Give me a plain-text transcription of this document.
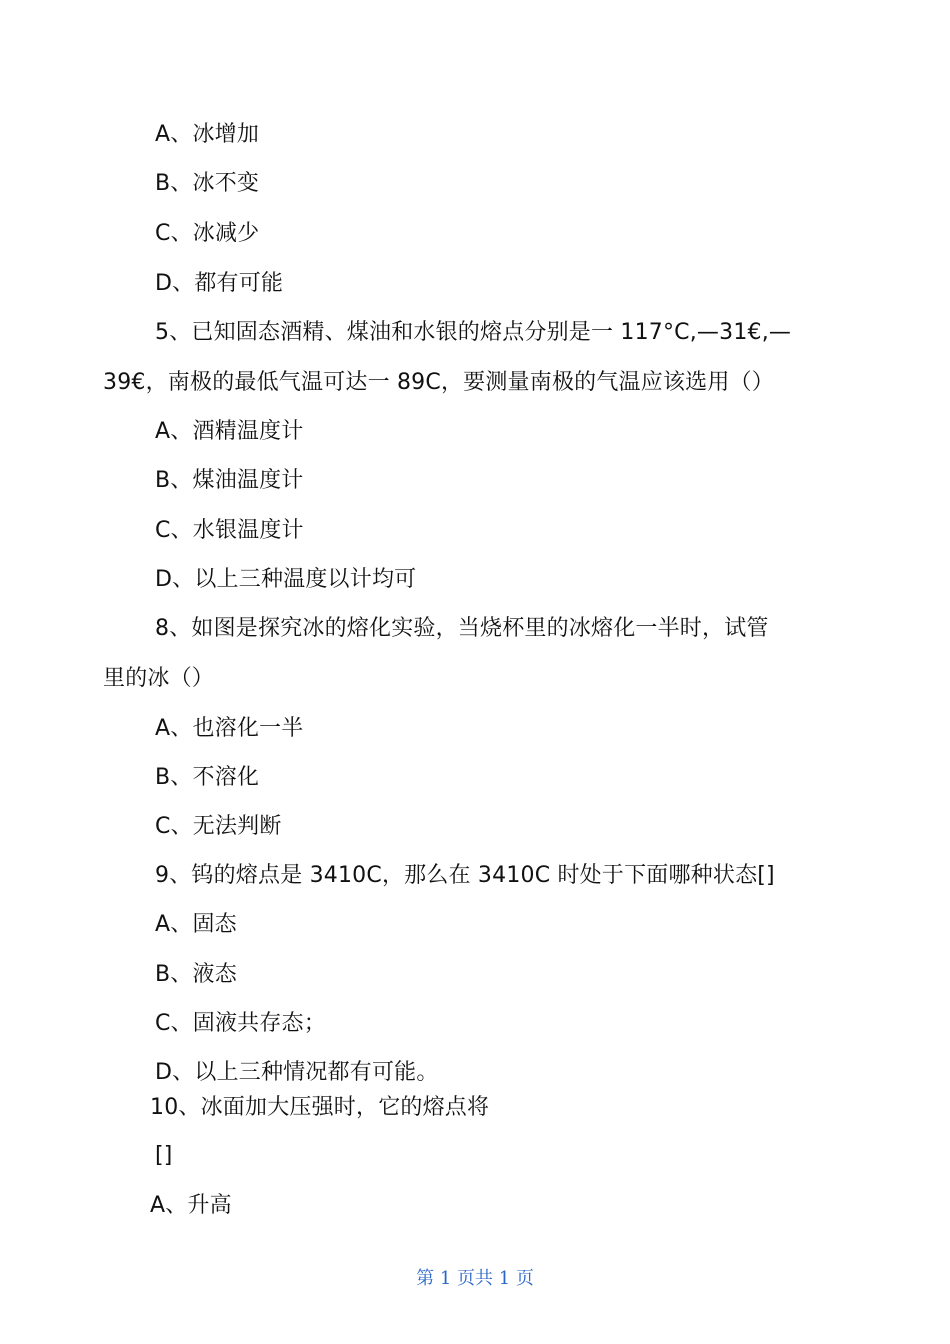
A、冰增加
B、冰不变
C、冰减少
D、都有可能
5、已知固态酒精、煤油和水银的熔点分别是一 117°C,—31€,—
39€，南极的最低气温可达一 89C，要测量南极的气温应该选用（）
A、酒精温度计
B、煤油温度计
C、水银温度计
D、以上三种温度以计均可
8、如图是探究冰的熔化实验，当烧杯里的冰熔化一半时，试管
里的冰（）
A、也溶化一半
B、不溶化
C、无法判断
9、钨的熔点是 3410C，那么在 3410C 时处于下面哪种状态[]
A、固态
B、液态
C、固液共存态；
D、以上三种情况都有可能。
10、冰面加大压强时，它的熔点将
[]
A、升高
第 1 页共 1 页
